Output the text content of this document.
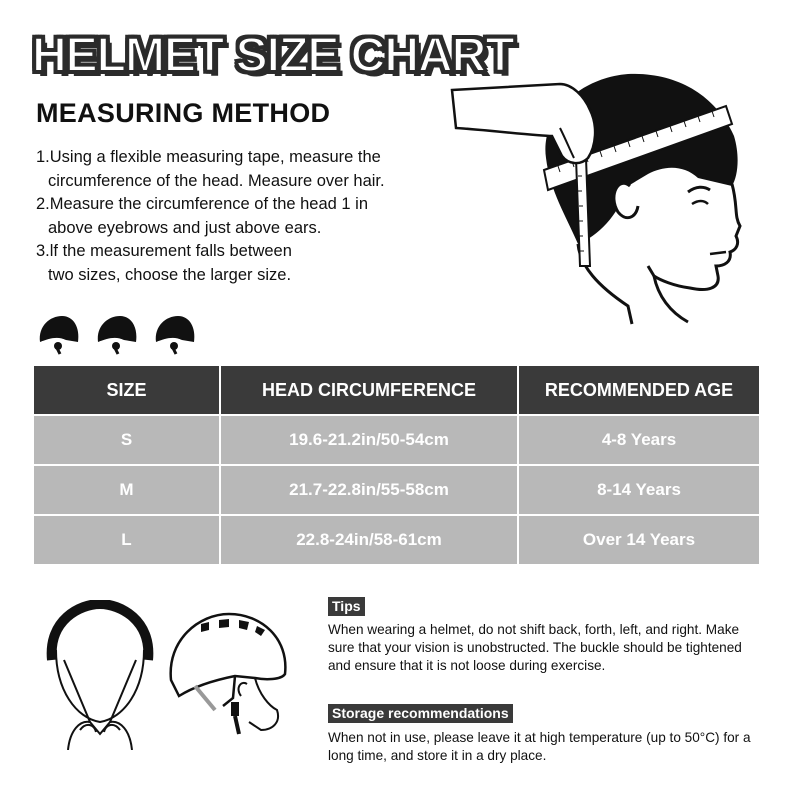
HELMET SIZE CHART
MEASURING METHOD
1.Using a flexible measuring tape, measure the
circumference of the head. Measure over hair.
2.Measure the circumference of the head 1 in
above eyebrows and just above ears.
3.lf the measurement falls between
two sizes, choose the larger size.
SIZE	HEAD CIRCUMFERENCE	RECOMMENDED AGE
S	19.6-21.2in/50-54cm	4-8 Years
M	21.7-22.8in/55-58cm	8-14 Years
L	22.8-24in/58-61cm	Over 14 Years
Tips

When wearing a helmet, do not shift back, forth, left, and right. Make sure that your vision is unobstructed. The buckle should be tightened and ensure that it is not loose during exercise.

Storage recommendations

When not in use, please leave it at high temperature (up to 50°C) for a long time, and store it in a dry place.
